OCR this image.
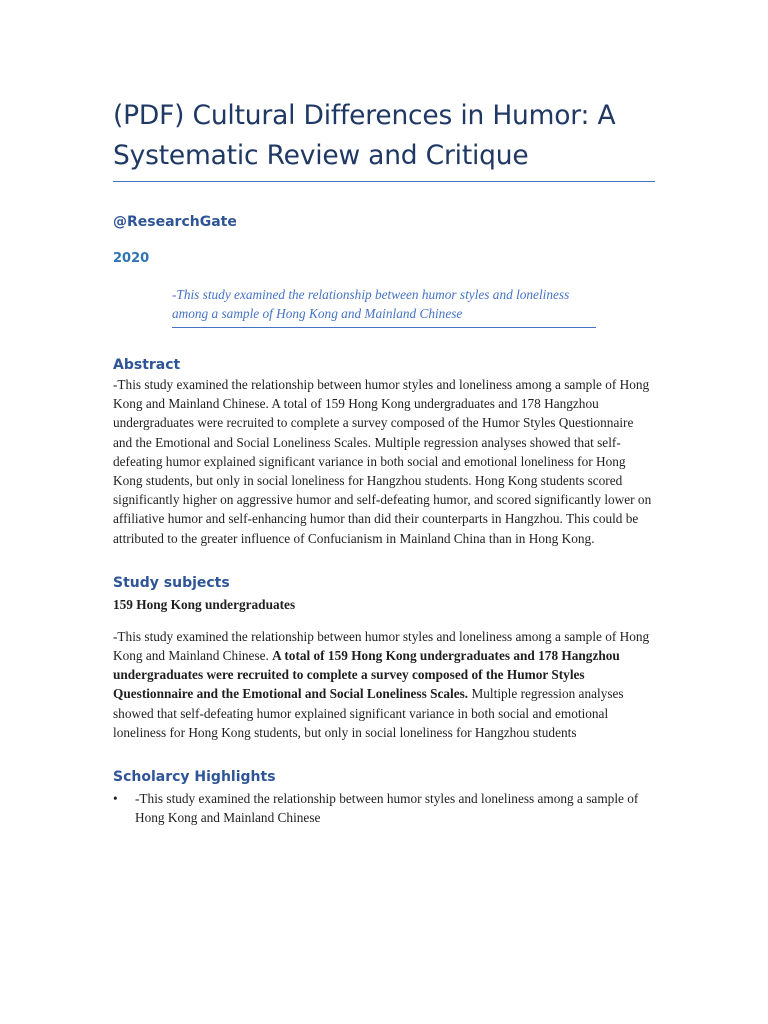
(PDF) Cultural Differences in Humor: A Systematic Review and Critique
@ResearchGate
2020
-This study examined the relationship between humor styles and loneliness among a sample of Hong Kong and Mainland Chinese
Abstract

-This study examined the relationship between humor styles and loneliness among a sample of Hong Kong and Mainland Chinese. A total of 159 Hong Kong undergraduates and 178 Hangzhou undergraduates were recruited to complete a survey composed of the Humor Styles Questionnaire and the Emotional and Social Loneliness Scales. Multiple regression analyses showed that self-defeating humor explained significant variance in both social and emotional loneliness for Hong Kong students, but only in social loneliness for Hangzhou students. Hong Kong students scored significantly higher on aggressive humor and self-defeating humor, and scored significantly lower on affiliative humor and self-enhancing humor than did their counterparts in Hangzhou. This could be attributed to the greater influence of Confucianism in Mainland China than in Hong Kong.

Study subjects

159 Hong Kong undergraduates

-This study examined the relationship between humor styles and loneliness among a sample of Hong Kong and Mainland Chinese. A total of 159 Hong Kong undergraduates and 178 Hangzhou undergraduates were recruited to complete a survey composed of the Humor Styles Questionnaire and the Emotional and Social Loneliness Scales. Multiple regression analyses showed that self-defeating humor explained significant variance in both social and emotional loneliness for Hong Kong students, but only in social loneliness for Hangzhou students

Scholarcy Highlights
• -This study examined the relationship between humor styles and loneliness among a sample of Hong Kong and Mainland Chinese
